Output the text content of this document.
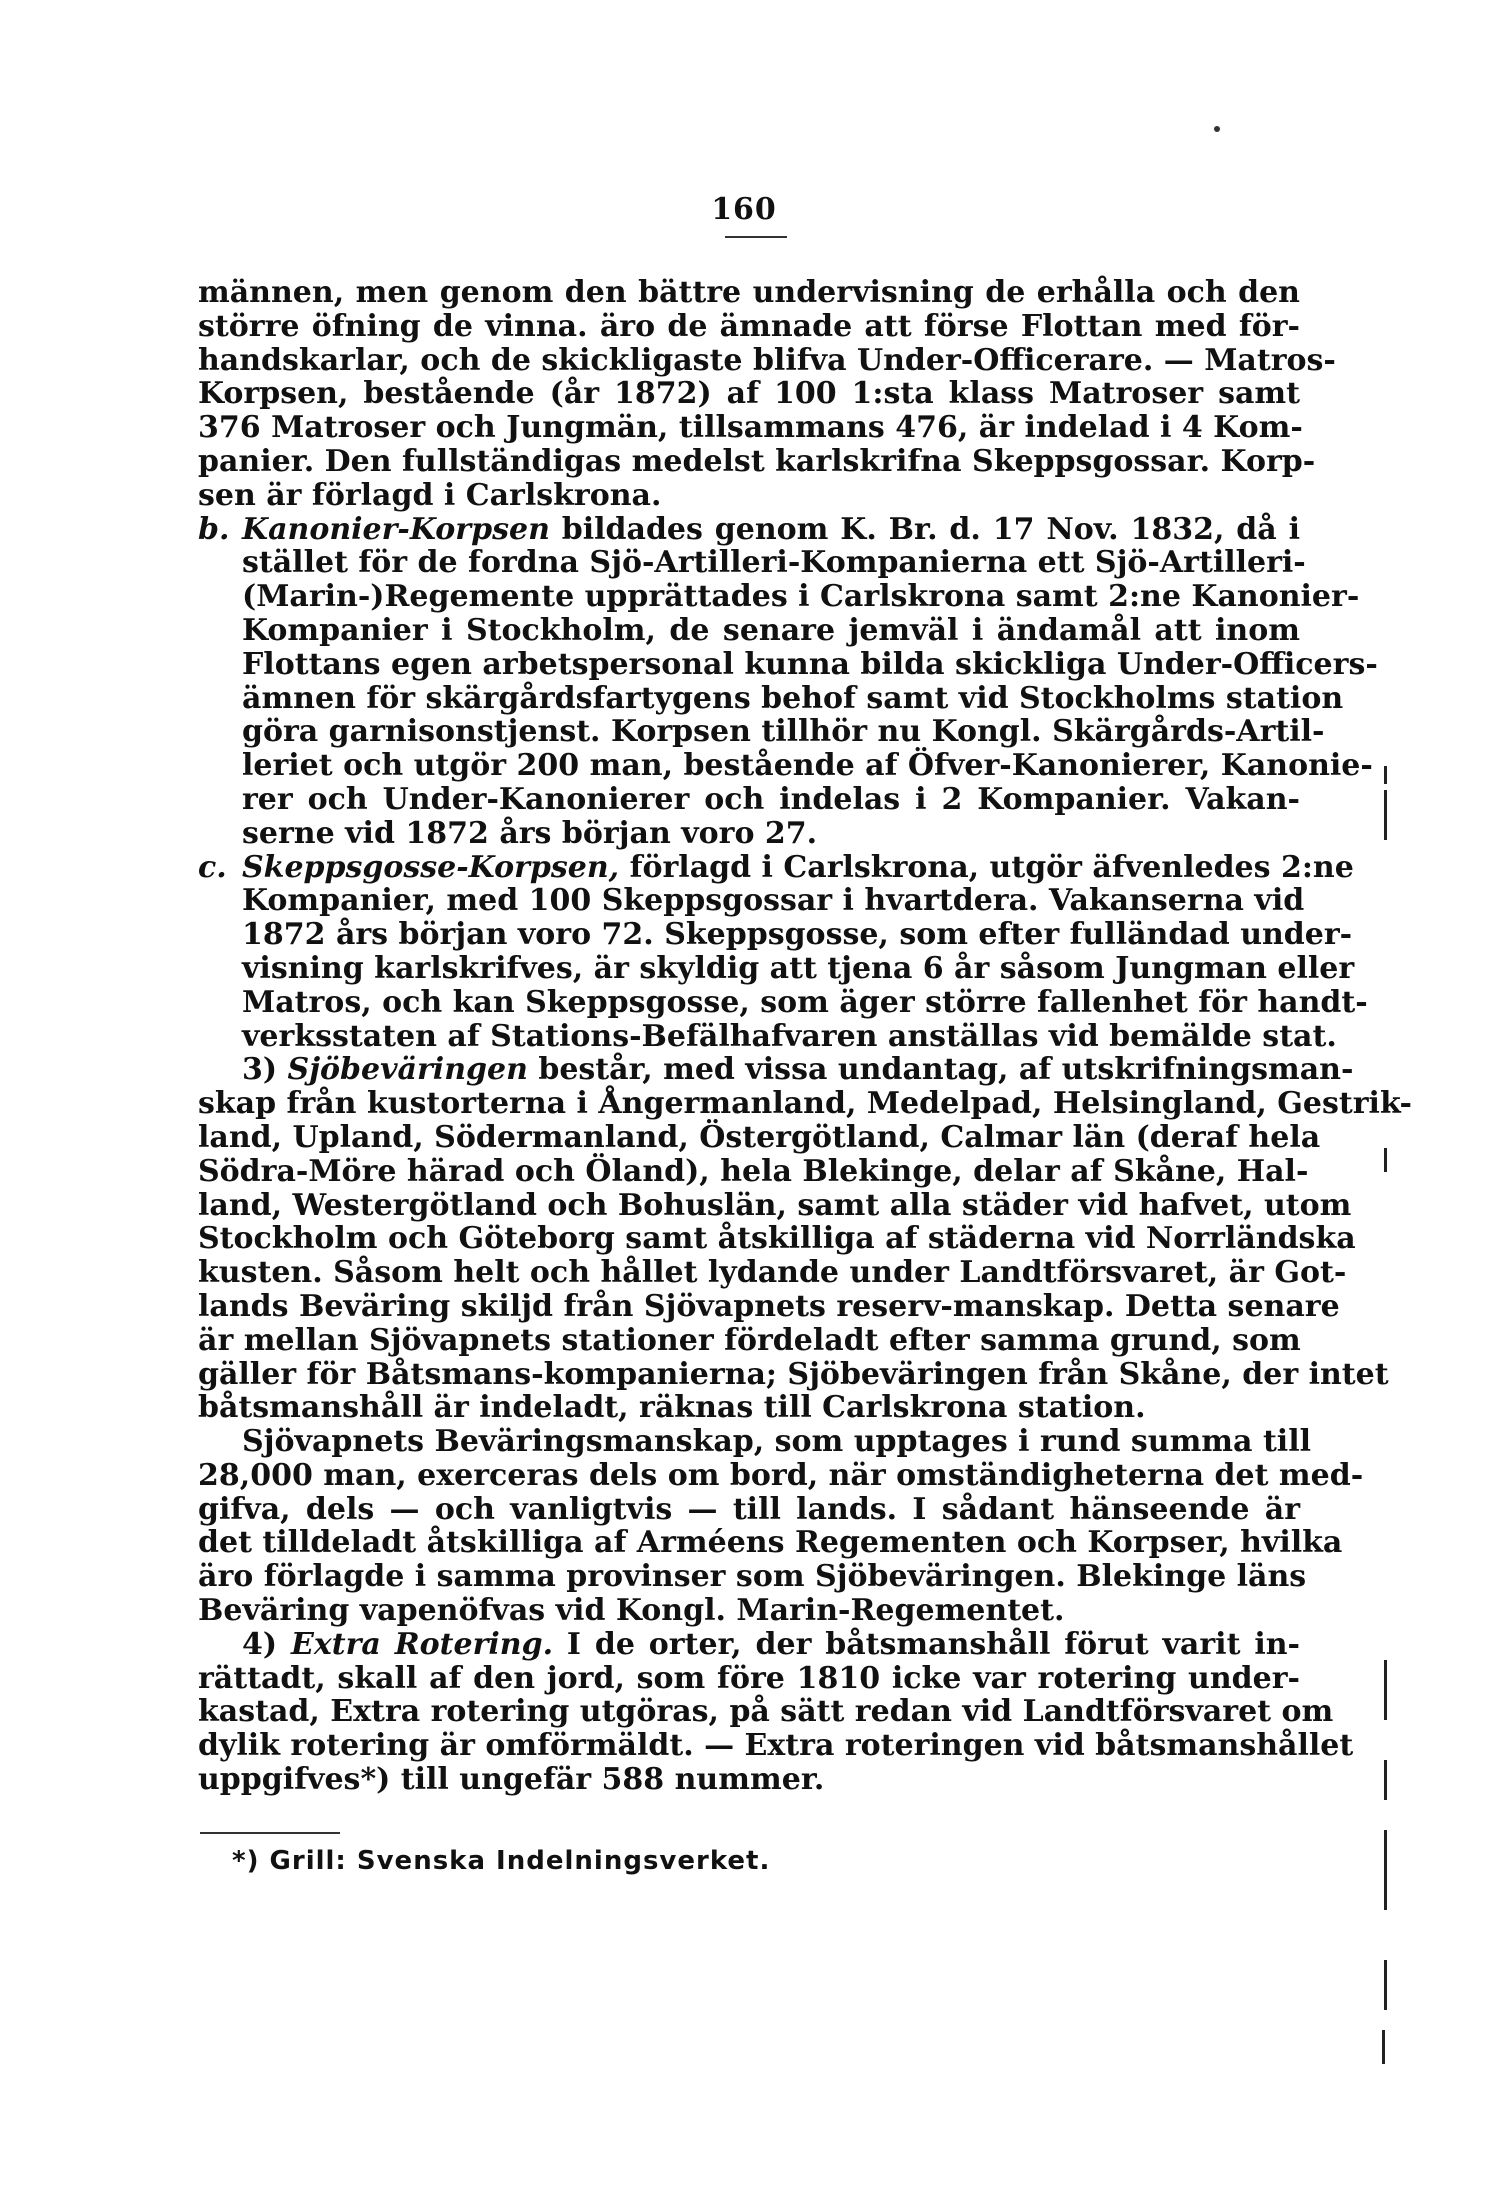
160
männen, men genom den bättre undervisning de erhålla och den
större öfning de vinna. äro de ämnade att förse Flottan med för-
handskarlar, och de skickligaste blifva Under-Officerare. — Matros-
Korpsen, bestående (år 1872) af 100 1:sta klass Matroser samt
376 Matroser och Jungmän, tillsammans 476, är indelad i 4 Kom-
panier. Den fullständigas medelst karlskrifna Skeppsgossar. Korp-
sen är förlagd i Carlskrona.
b. Kanonier-Korpsen bildades genom K. Br. d. 17 Nov. 1832, då i
stället för de fordna Sjö-Artilleri-Kompanierna ett Sjö-Artilleri-
(Marin-)Regemente upprättades i Carlskrona samt 2:ne Kanonier-
Kompanier i Stockholm, de senare jemväl i ändamål att inom
Flottans egen arbetspersonal kunna bilda skickliga Under-Officers-
ämnen för skärgårdsfartygens behof samt vid Stockholms station
göra garnisonstjenst. Korpsen tillhör nu Kongl. Skärgårds-Artil-
leriet och utgör 200 man, bestående af Öfver-Kanonierer, Kanonie-
rer och Under-Kanonierer och indelas i 2 Kompanier. Vakan-
serne vid 1872 års början voro 27.
c. Skeppsgosse-Korpsen, förlagd i Carlskrona, utgör äfvenledes 2:ne
Kompanier, med 100 Skeppsgossar i hvartdera. Vakanserna vid
1872 års början voro 72. Skeppsgosse, som efter fulländad under-
visning karlskrifves, är skyldig att tjena 6 år såsom Jungman eller
Matros, och kan Skeppsgosse, som äger större fallenhet för handt-
verksstaten af Stations-Befälhafvaren anställas vid bemälde stat.
3) Sjöbeväringen består, med vissa undantag, af utskrifningsman-
skap från kustorterna i Ångermanland, Medelpad, Helsingland, Gestrik-
land, Upland, Södermanland, Östergötland, Calmar län (deraf hela
Södra-Möre härad och Öland), hela Blekinge, delar af Skåne, Hal-
land, Westergötland och Bohuslän, samt alla städer vid hafvet, utom
Stockholm och Göteborg samt åtskilliga af städerna vid Norrländska
kusten. Såsom helt och hållet lydande under Landtförsvaret, är Got-
lands Beväring skiljd från Sjövapnets reserv-manskap. Detta senare
är mellan Sjövapnets stationer fördeladt efter samma grund, som
gäller för Båtsmans-kompanierna; Sjöbeväringen från Skåne, der intet
båtsmanshåll är indeladt, räknas till Carlskrona station.
Sjövapnets Beväringsmanskap, som upptages i rund summa till
28,000 man, exerceras dels om bord, när omständigheterna det med-
gifva, dels — och vanligtvis — till lands. I sådant hänseende är
det tilldeladt åtskilliga af Arméens Regementen och Korpser, hvilka
äro förlagde i samma provinser som Sjöbeväringen. Blekinge läns
Beväring vapenöfvas vid Kongl. Marin-Regementet.
4) Extra Rotering. I de orter, der båtsmanshåll förut varit in-
rättadt, skall af den jord, som före 1810 icke var rotering under-
kastad, Extra rotering utgöras, på sätt redan vid Landtförsvaret om
dylik rotering är omförmäldt. — Extra roteringen vid båtsmanshållet
uppgifves*) till ungefär 588 nummer.
*) Grill: Svenska Indelningsverket.
